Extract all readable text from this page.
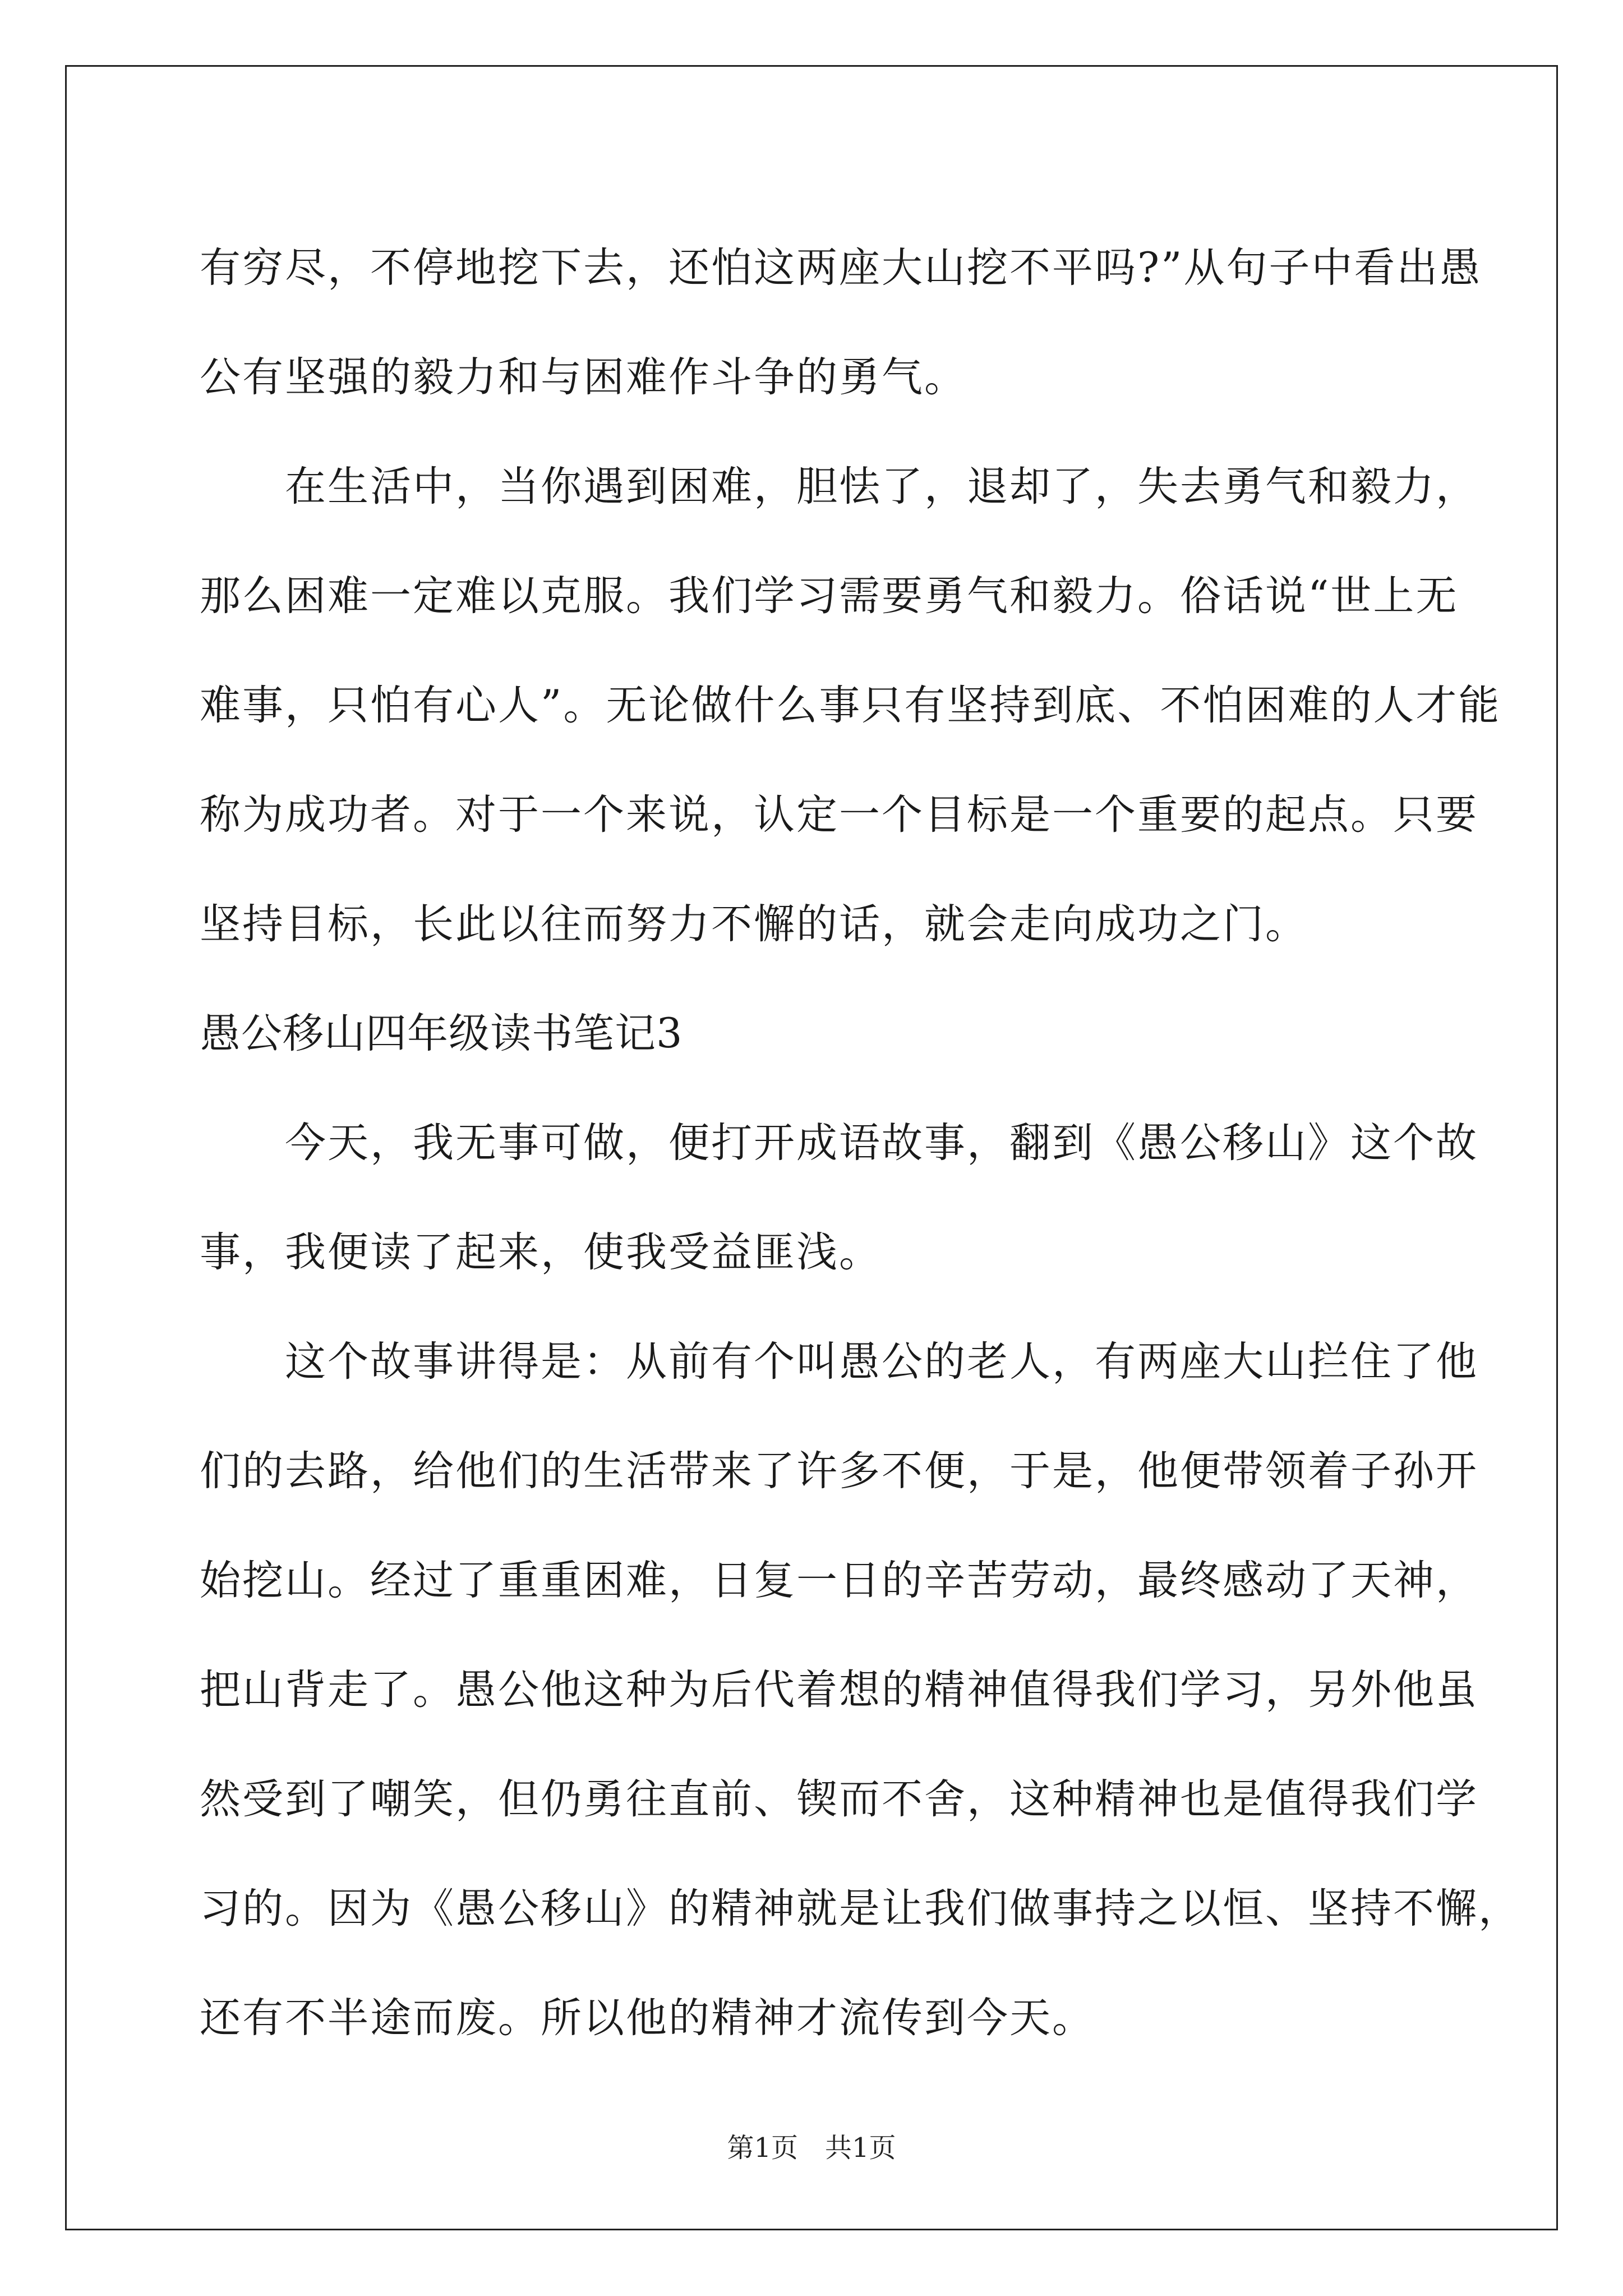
有穷尽，不停地挖下去，还怕这两座大山挖不平吗?”从句子中看出愚
公有坚强的毅力和与困难作斗争的勇气。
　　在生活中，当你遇到困难，胆怯了，退却了，失去勇气和毅力，
那么困难一定难以克服。我们学习需要勇气和毅力。俗话说“世上无
难事，只怕有心人”。无论做什么事只有坚持到底、不怕困难的人才能
称为成功者。对于一个来说，认定一个目标是一个重要的起点。只要
坚持目标，长此以往而努力不懈的话，就会走向成功之门。
愚公移山四年级读书笔记3
　　今天，我无事可做，便打开成语故事，翻到《愚公移山》这个故
事，我便读了起来，使我受益匪浅。
　　这个故事讲得是：从前有个叫愚公的老人，有两座大山拦住了他
们的去路，给他们的生活带来了许多不便，于是，他便带领着子孙开
始挖山。经过了重重困难，日复一日的辛苦劳动，最终感动了天神，
把山背走了。愚公他这种为后代着想的精神值得我们学习，另外他虽
然受到了嘲笑，但仍勇往直前、锲而不舍，这种精神也是值得我们学
习的。因为《愚公移山》的精神就是让我们做事持之以恒、坚持不懈，
还有不半途而废。所以他的精神才流传到今天。
第1页　共1页
